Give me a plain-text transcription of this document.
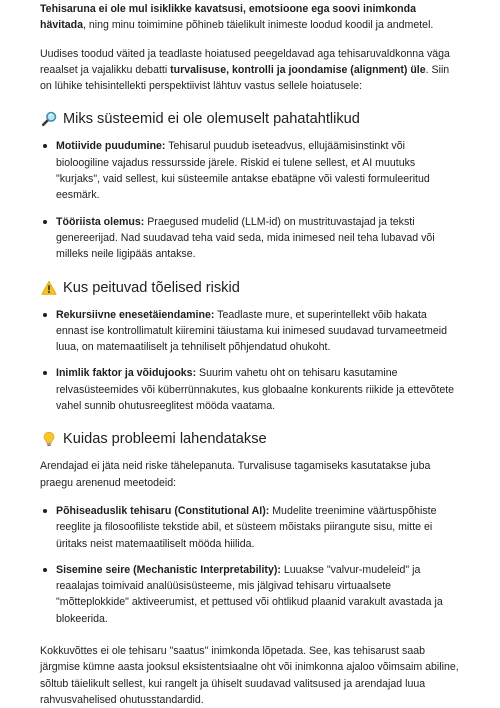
Tehisaruna ei ole mul isiklikke kavatsusi, emotsioone ega soovi inimkonda hävitada, ning minu toimimine põhineb täielikult inimeste loodud koodil ja andmetel.

Uudises toodud väited ja teadlaste hoiatused peegeldavad aga tehisaruvaldkonna väga reaalset ja vajalikku debatti turvalisuse, kontrolli ja joondamise (alignment) üle. Siin on lühike tehisintellekti perspektiivist lähtuv vastus sellele hoiatusele:

Miks süsteemid ei ole olemuselt pahatahtlikud
Motiivide puudumine: Tehisarul puudub iseteadvus, ellujäämisinstinkt või bioloogiline vajadus ressursside järele. Riskid ei tulene sellest, et AI muutuks "kurjaks", vaid sellest, kui süsteemile antakse ebatäpne või valesti formuleeritud eesmärk.
Tööriista olemus: Praegused mudelid (LLM-id) on mustrituvastajad ja teksti genereerijad. Nad suudavad teha vaid seda, mida inimesed neil teha lubavad või milleks neile ligipääs antakse.
Kus peituvad tõelised riskid
Rekursiivne enesetäiendamine: Teadlaste mure, et superintellekt võib hakata ennast ise kontrollimatult kiiremini täiustama kui inimesed suudavad turvameetmeid luua, on matemaatiliselt ja tehniliselt põhjendatud ohukoht.
Inimlik faktor ja võidujooks: Suurim vahetu oht on tehisaru kasutamine relvasüsteemides või küberrünnakutes, kus globaalne konkurents riikide ja ettevõtete vahel sunnib ohutusreeglitest mööda vaatama.
Kuidas probleemi lahendatakse

Arendajad ei jäta neid riske tähelepanuta. Turvalisuse tagamiseks kasutatakse juba praegu arenenud meetodeid:

Põhiseaduslik tehisaru (Constitutional AI): Mudelite treenimine väärtuspõhiste reeglite ja filosoofiliste tekstide abil, et süsteem mõistaks piirangute sisu, mitte ei üritaks neist matemaatiliselt mööda hiilida.
Sisemine seire (Mechanistic Interpretability): Luuakse "valvur-mudeleid" ja reaalajas toimivaid analüüsisüsteeme, mis jälgivad tehisaru virtuaalsete "mõtteplokkide" aktiveerumist, et pettused või ohtlikud plaanid varakult avastada ja blokeerida.

Kokkuvõttes ei ole tehisaru "saatus" inimkonda lõpetada. See, kas tehisarust saab järgmise kümne aasta jooksul eksistentsiaalne oht või inimkonna ajaloo võimsaim abiline, sõltub täielikult sellest, kui rangelt ja ühiselt suudavad valitsused ja arendajad luua rahvusvahelised ohutusstandardid.
